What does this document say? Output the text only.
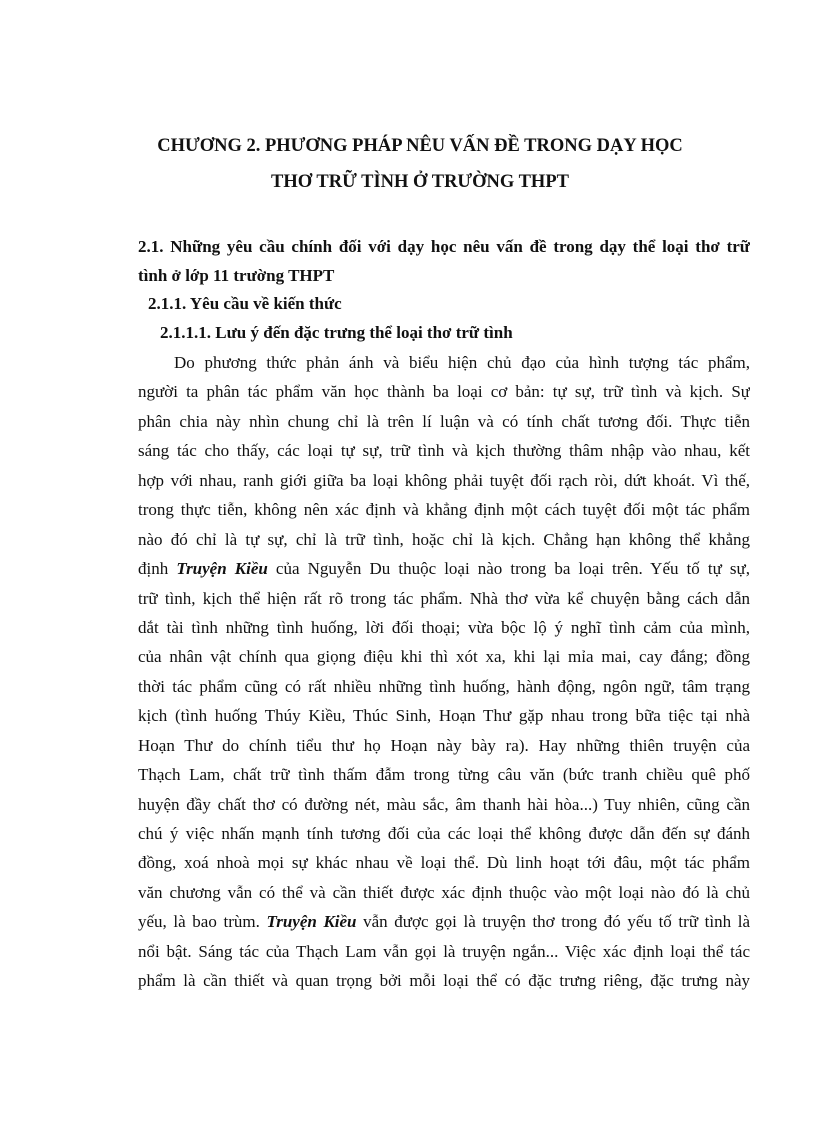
CHƯƠNG 2. PHƯƠNG PHÁP NÊU VẤN ĐỀ TRONG DẠY HỌC
THƠ TRỮ TÌNH Ở TRƯỜNG THPT
2.1. Những yêu cầu chính đối với dạy học nêu vấn đề trong dạy thể loại thơ trữ
tình ở lớp 11 trường THPT
2.1.1. Yêu cầu về kiến thức
2.1.1.1. Lưu ý đến đặc trưng thể loại thơ trữ tình
Do phương thức phản ánh và biểu hiện chủ đạo của hình tượng tác phẩm,
người ta phân tác phẩm văn học thành ba loại cơ bản: tự sự, trữ tình và kịch. Sự
phân chia này nhìn chung chỉ là trên lí luận và có tính chất tương đối. Thực tiễn
sáng tác cho thấy, các loại tự sự, trữ tình và kịch thường thâm nhập vào nhau, kết
hợp với nhau, ranh giới giữa ba loại không phải tuyệt đối rạch ròi, dứt khoát. Vì thế,
trong thực tiễn, không nên xác định và khẳng định một cách tuyệt đối một tác phẩm
nào đó chỉ là tự sự, chỉ là trữ tình, hoặc chỉ là kịch. Chẳng hạn không thể khẳng
định Truyện Kiều của Nguyễn Du thuộc loại nào trong ba loại trên. Yếu tố tự sự,
trữ tình, kịch thể hiện rất rõ trong tác phẩm. Nhà thơ vừa kể chuyện bằng cách dẫn
dắt tài tình những tình huống, lời đối thoại; vừa bộc lộ ý nghĩ tình cảm của mình,
của nhân vật chính qua giọng điệu khi thì xót xa, khi lại mỉa mai, cay đắng; đồng
thời tác phẩm cũng có rất nhiều những tình huống, hành động, ngôn ngữ, tâm trạng
kịch (tình huống Thúy Kiều, Thúc Sinh, Hoạn Thư gặp nhau trong bữa tiệc tại nhà
Hoạn Thư do chính tiểu thư họ Hoạn này bày ra). Hay những thiên truyện của
Thạch Lam, chất trữ tình thấm đẫm trong từng câu văn (bức tranh chiều quê phố
huyện đầy chất thơ có đường nét, màu sắc, âm thanh hài hòa...) Tuy nhiên, cũng cần
chú ý việc nhấn mạnh tính tương đối của các loại thể không được dẫn đến sự đánh
đồng, xoá nhoà mọi sự khác nhau về loại thể. Dù linh hoạt tới đâu, một tác phẩm
văn chương vẫn có thể và cần thiết được xác định thuộc vào một loại nào đó là chủ
yếu, là bao trùm. Truyện Kiều vẫn được gọi là truyện thơ trong đó yếu tố trữ tình là
nổi bật. Sáng tác của Thạch Lam vẫn gọi là truyện ngắn... Việc xác định loại thể tác
phẩm là cần thiết và quan trọng bởi mỗi loại thể có đặc trưng riêng, đặc trưng này
